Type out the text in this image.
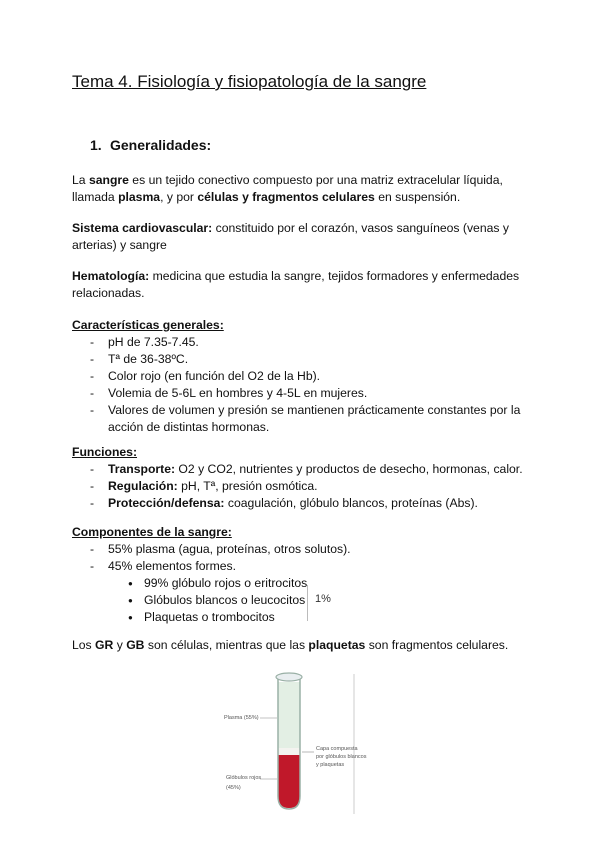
Tema 4. Fisiología y fisiopatología de la sangre
1. Generalidades:

La sangre es un tejido conectivo compuesto por una matriz extracelular líquida, llamada plasma, y por células y fragmentos celulares en suspensión.

Sistema cardiovascular: constituido por el corazón, vasos sanguíneos (venas y arterias) y sangre

Hematología: medicina que estudia la sangre, tejidos formadores y enfermedades relacionadas.

Características generales:

- pH de 7.35-7.45.
- Tª de 36-38ºC.
- Color rojo (en función del O2 de la Hb).
- Volemia de 5-6L en hombres y 4-5L en mujeres.
- Valores de volumen y presión se mantienen prácticamente constantes por la acción de distintas hormonas.

Funciones:

- Transporte: O2 y CO2, nutrientes y productos de desecho, hormonas, calor.
- Regulación: pH, Tª, presión osmótica.
- Protección/defensa: coagulación, glóbulo blancos, proteínas (Abs).

Componentes de la sangre:

- 55% plasma (agua, proteínas, otros solutos).
- 45% elementos formes.
● 99% glóbulo rojos o eritrocitos
● Glóbulos blancos o leucocitos
● Plaquetas o trombocitos
1%

Los GR y GB son células, mientras que las plaquetas son fragmentos celulares.

Plasma (55%)
Capa compuesta
por glóbulos blancos
y plaquetas
Glóbulos rojos
(45%)
